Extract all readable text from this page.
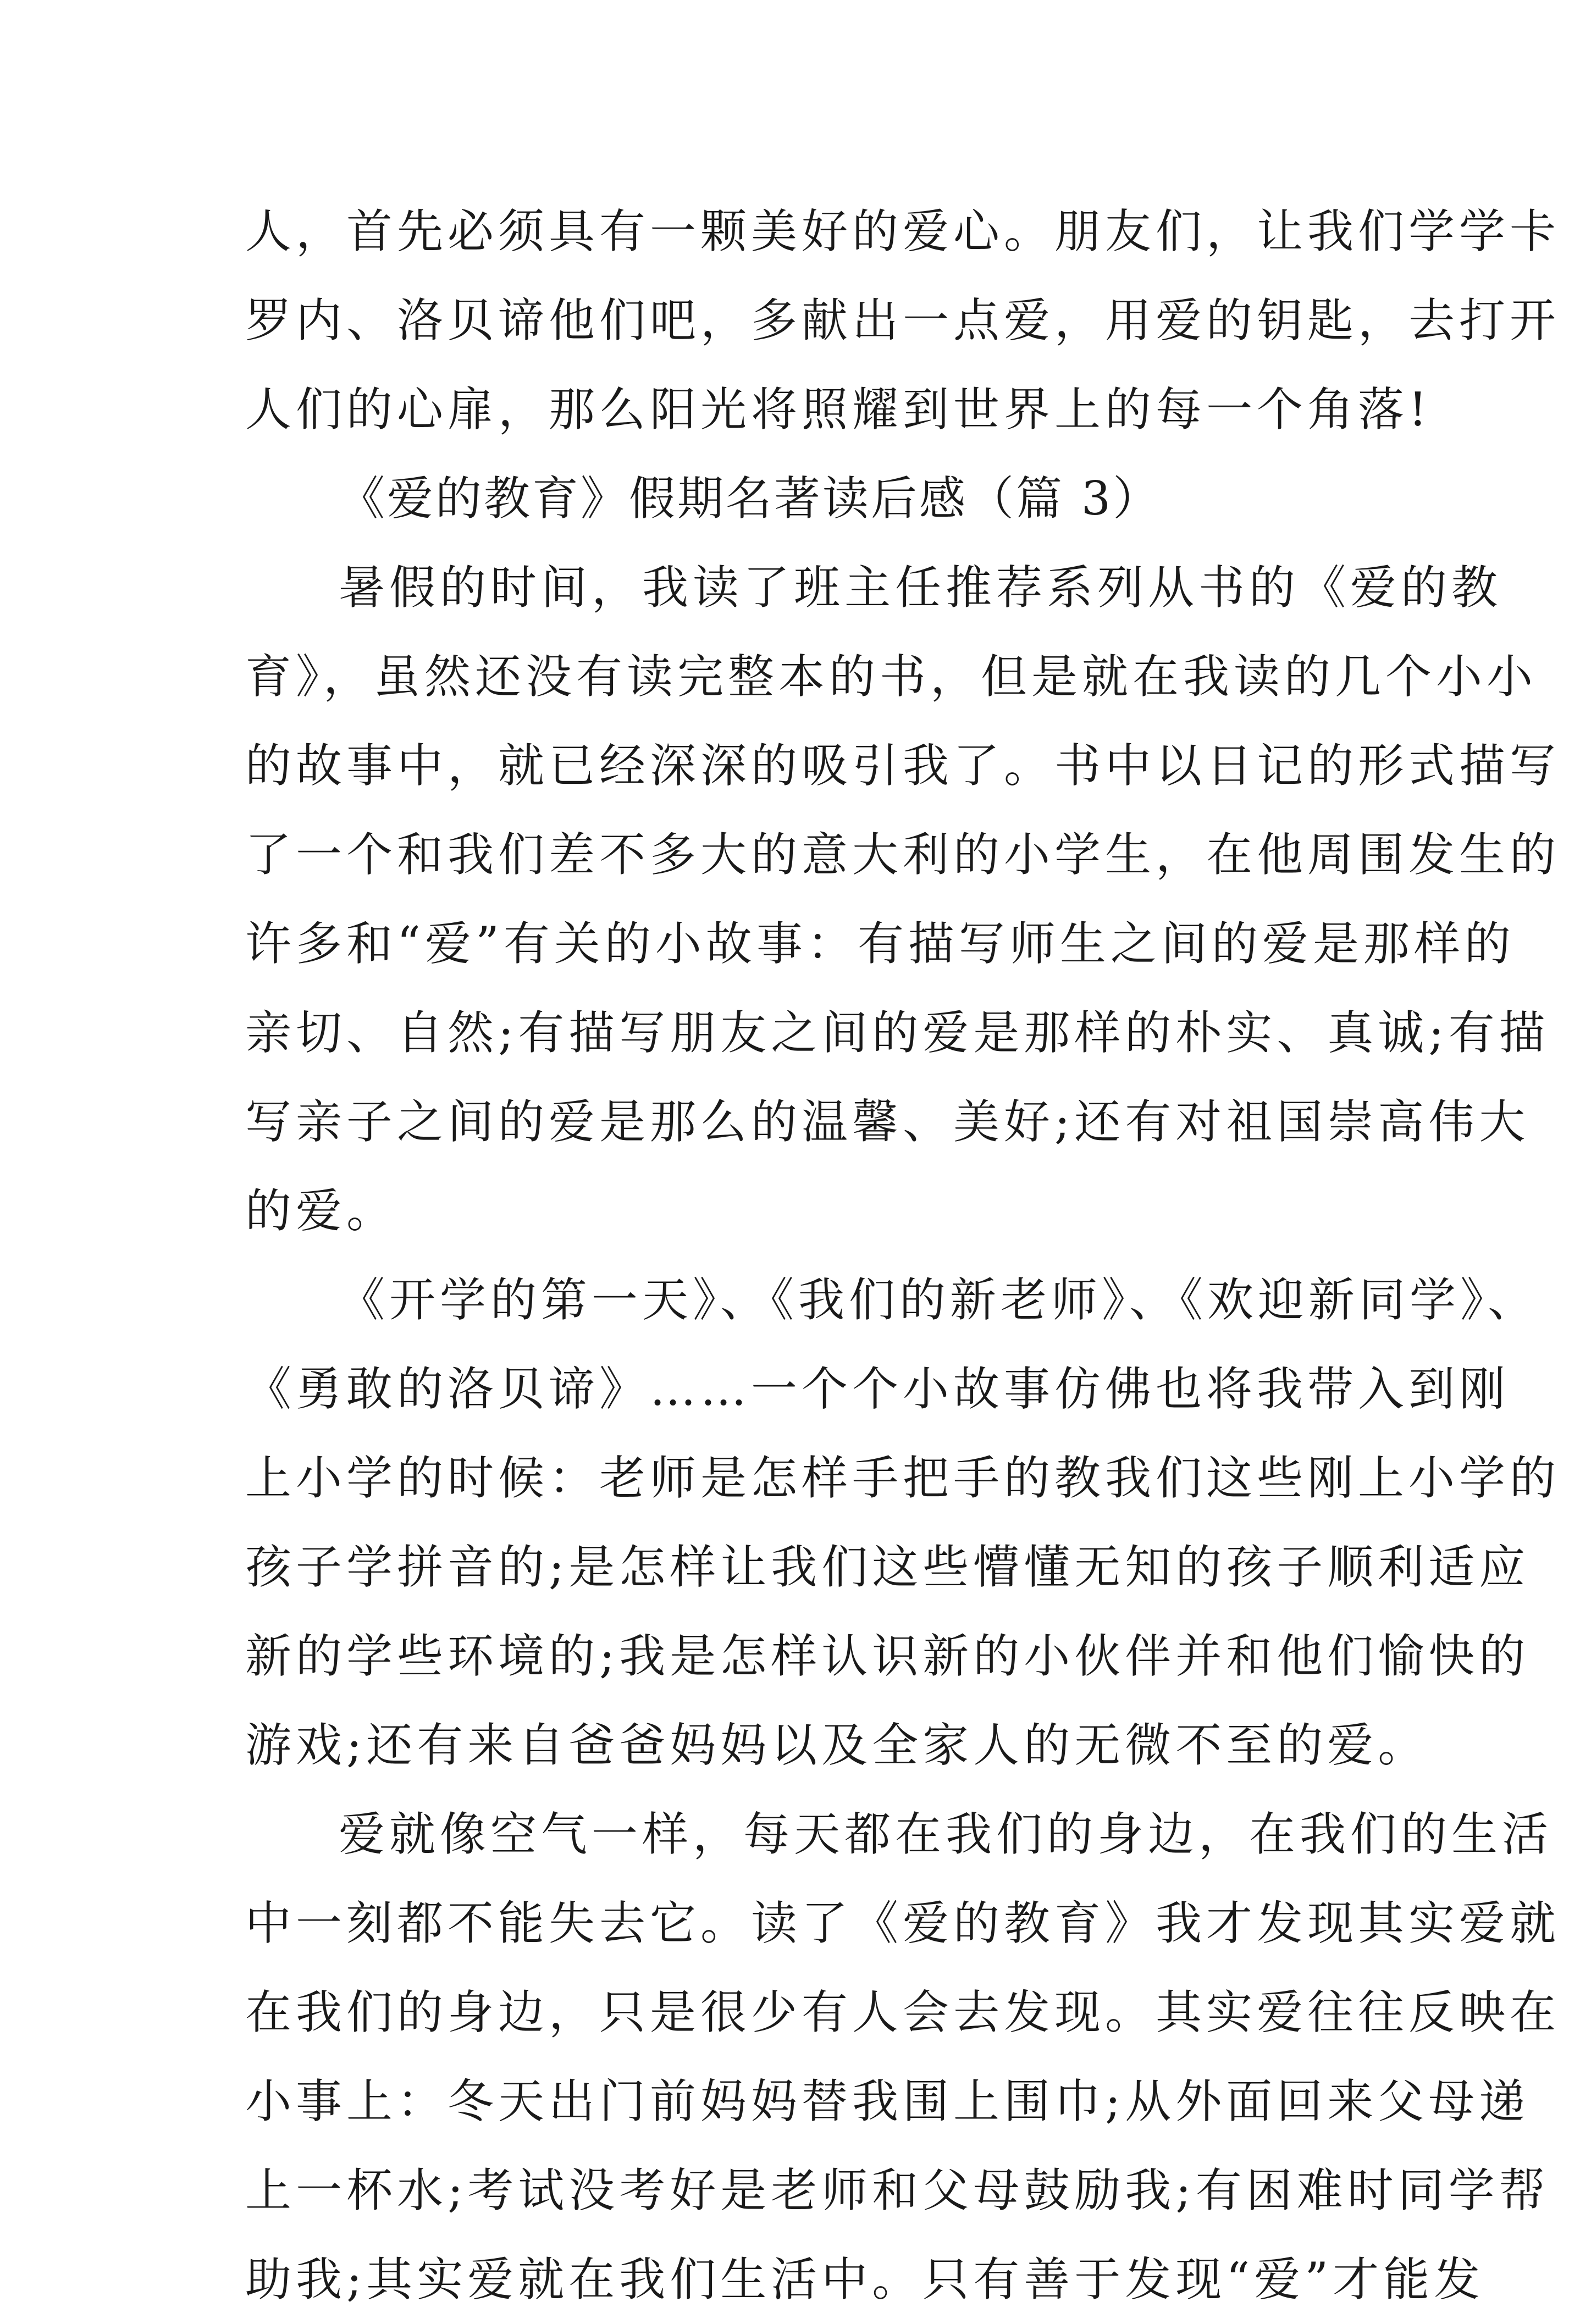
人，首先必须具有一颗美好的爱心。朋友们，让我们学学卡

罗内、洛贝谛他们吧，多献出一点爱，用爱的钥匙，去打开

人们的心扉，那么阳光将照耀到世界上的每一个角落!

《爱的教育》假期名著读后感（篇 3）

暑假的时间，我读了班主任推荐系列从书的《爱的教

育》，虽然还没有读完整本的书，但是就在我读的几个小小

的故事中，就已经深深的吸引我了。书中以日记的形式描写

了一个和我们差不多大的意大利的小学生，在他周围发生的

许多和“爱”有关的小故事：有描写师生之间的爱是那样的

亲切、自然;有描写朋友之间的爱是那样的朴实、真诚;有描

写亲子之间的爱是那么的温馨、美好;还有对祖国崇高伟大

的爱。

《开学的第一天》、《我们的新老师》、《欢迎新同学》、

《勇敢的洛贝谛》……一个个小故事仿佛也将我带入到刚

上小学的时候：老师是怎样手把手的教我们这些刚上小学的

孩子学拼音的;是怎样让我们这些懵懂无知的孩子顺利适应

新的学些环境的;我是怎样认识新的小伙伴并和他们愉快的

游戏;还有来自爸爸妈妈以及全家人的无微不至的爱。

爱就像空气一样，每天都在我们的身边，在我们的生活

中一刻都不能失去它。读了《爱的教育》我才发现其实爱就

在我们的身边，只是很少有人会去发现。其实爱往往反映在

小事上：冬天出门前妈妈替我围上围巾;从外面回来父母递

上一杯水;考试没考好是老师和父母鼓励我;有困难时同学帮

助我;其实爱就在我们生活中。只有善于发现“爱”才能发
